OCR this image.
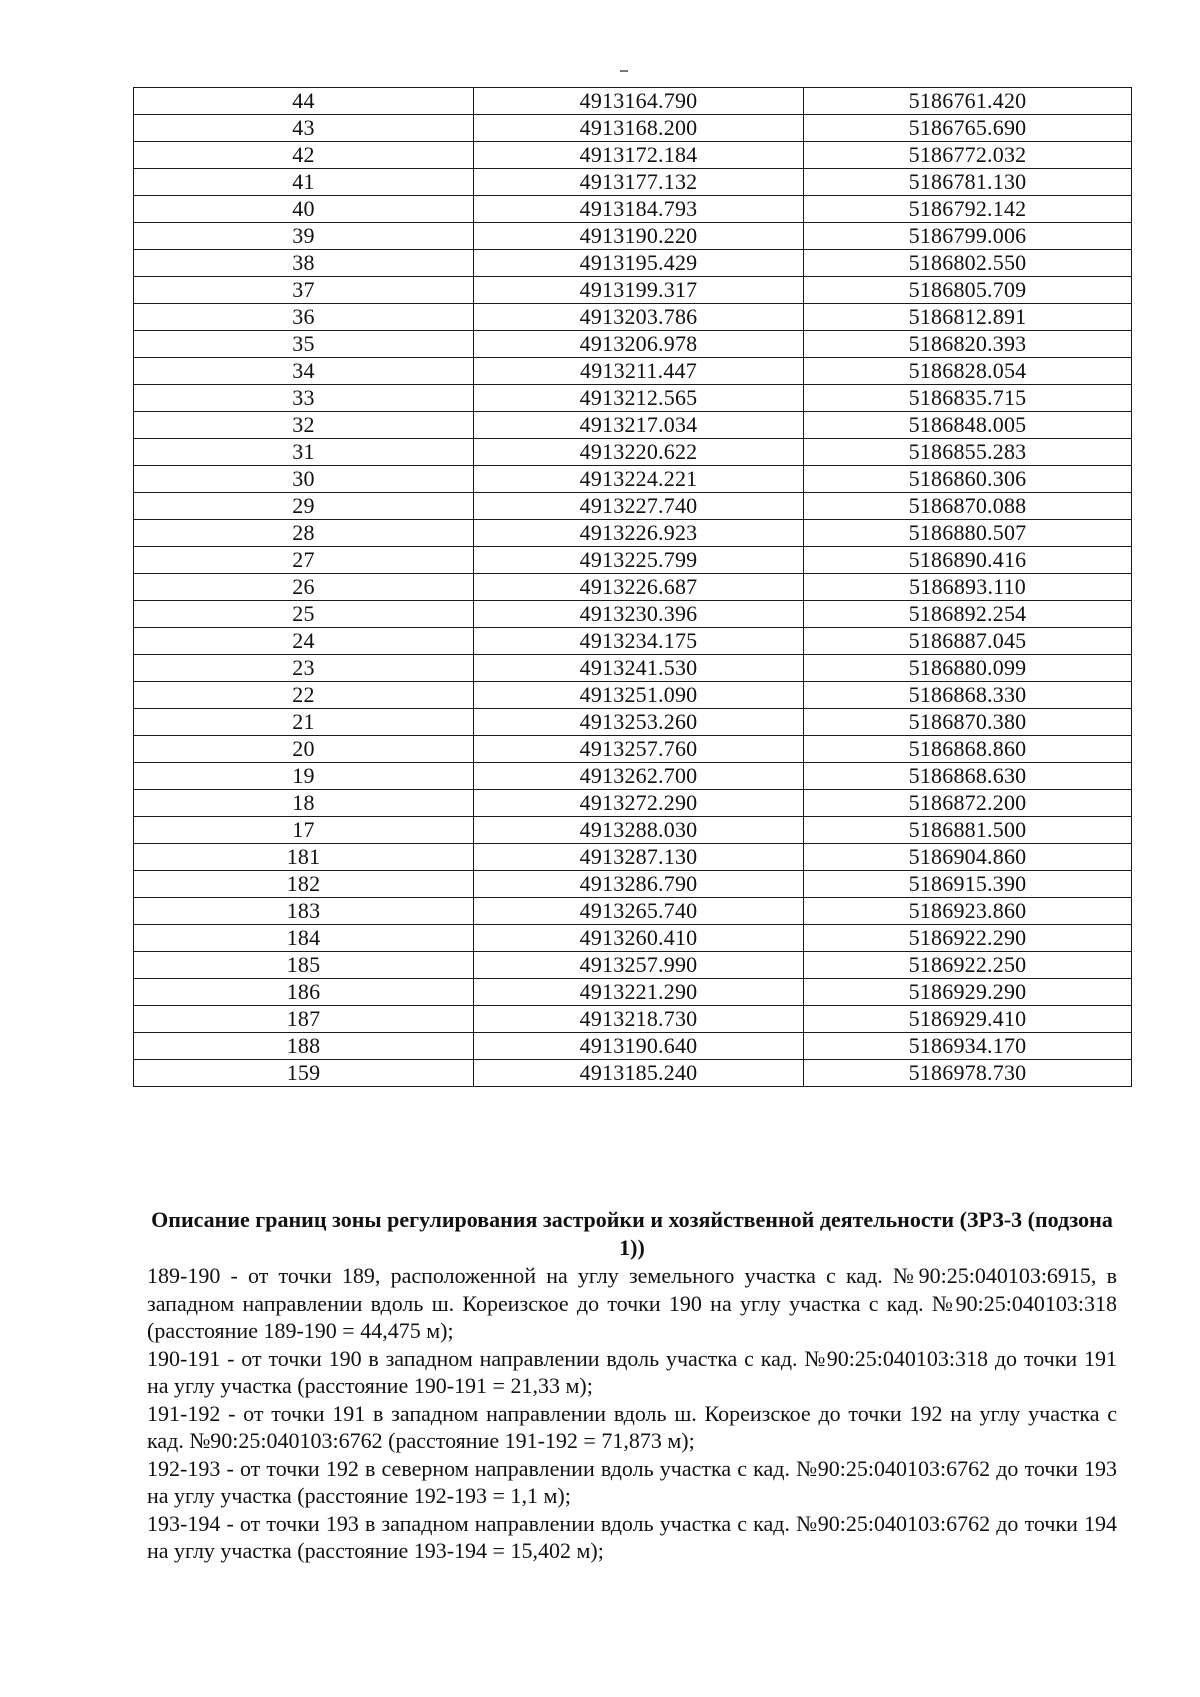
44	4913164.790	5186761.420
43	4913168.200	5186765.690
42	4913172.184	5186772.032
41	4913177.132	5186781.130
40	4913184.793	5186792.142
39	4913190.220	5186799.006
38	4913195.429	5186802.550
37	4913199.317	5186805.709
36	4913203.786	5186812.891
35	4913206.978	5186820.393
34	4913211.447	5186828.054
33	4913212.565	5186835.715
32	4913217.034	5186848.005
31	4913220.622	5186855.283
30	4913224.221	5186860.306
29	4913227.740	5186870.088
28	4913226.923	5186880.507
27	4913225.799	5186890.416
26	4913226.687	5186893.110
25	4913230.396	5186892.254
24	4913234.175	5186887.045
23	4913241.530	5186880.099
22	4913251.090	5186868.330
21	4913253.260	5186870.380
20	4913257.760	5186868.860
19	4913262.700	5186868.630
18	4913272.290	5186872.200
17	4913288.030	5186881.500
181	4913287.130	5186904.860
182	4913286.790	5186915.390
183	4913265.740	5186923.860
184	4913260.410	5186922.290
185	4913257.990	5186922.250
186	4913221.290	5186929.290
187	4913218.730	5186929.410
188	4913190.640	5186934.170
159	4913185.240	5186978.730

Описание границ зоны регулирования застройки и хозяйственной деятельности (ЗРЗ-3 (подзона 1))

189-190 - от точки 189, расположенной на углу земельного участка с кад. №90:25:040103:6915, в западном направлении вдоль ш. Кореизское до точки 190 на углу участка с кад. №90:25:040103:318 (расстояние 189-190 = 44,475 м);

190-191 - от точки 190 в западном направлении вдоль участка с кад. №90:25:040103:318 до точки 191 на углу участка (расстояние 190-191 = 21,33 м);

191-192 - от точки 191 в западном направлении вдоль ш. Кореизское до точки 192 на углу участка с кад. №90:25:040103:6762 (расстояние 191-192 = 71,873 м);

192-193 - от точки 192 в северном направлении вдоль участка с кад. №90:25:040103:6762 до точки 193 на углу участка (расстояние 192-193 = 1,1 м);

193-194 - от точки 193 в западном направлении вдоль участка с кад. №90:25:040103:6762 до точки 194 на углу участка (расстояние 193-194 = 15,402 м);
